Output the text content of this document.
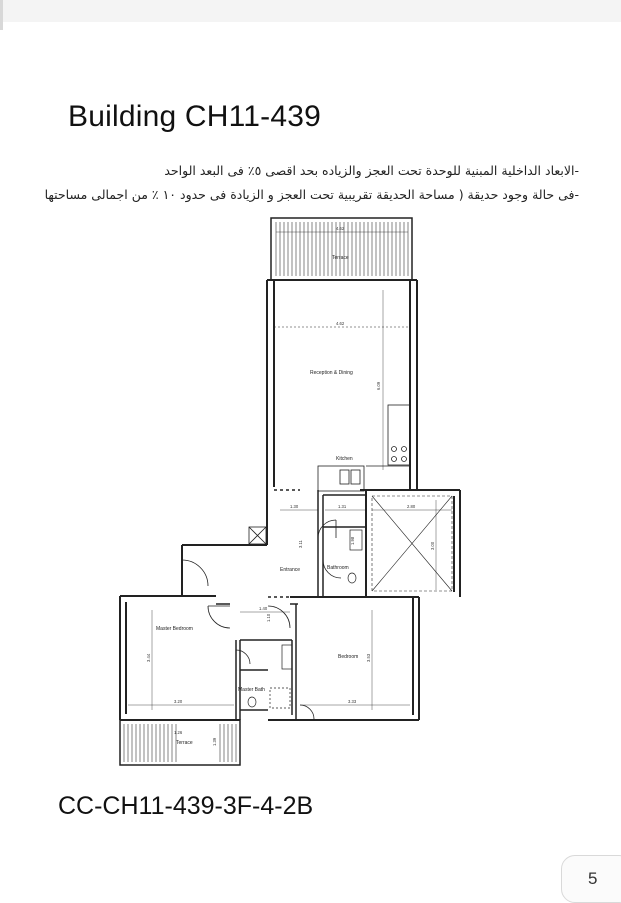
Building CH11-439
-الابعاد الداخلية المبنية للوحدة تحت العجز والزياده بحد اقصى ٥٪ فى البعد الواحد
-فى حالة وجود حديقة ( مساحة الحديقة تقريبية تحت العجز و الزيادة فى حدود ١٠ ٪ من اجمالى مساحتها
Terrace
Reception & Dining
Kitchen
Entrance	Bathroom
Master Bedroom
Master Bath
Bedroom
Terrace
4.62
4.62
6.09
1.30	1.31	2.80
3.00
3.11	1.98
1.40
1.10
3.44
3.20
3.53
3.33
1.26
1.39
CC-CH11-439-3F-4-2B
5
